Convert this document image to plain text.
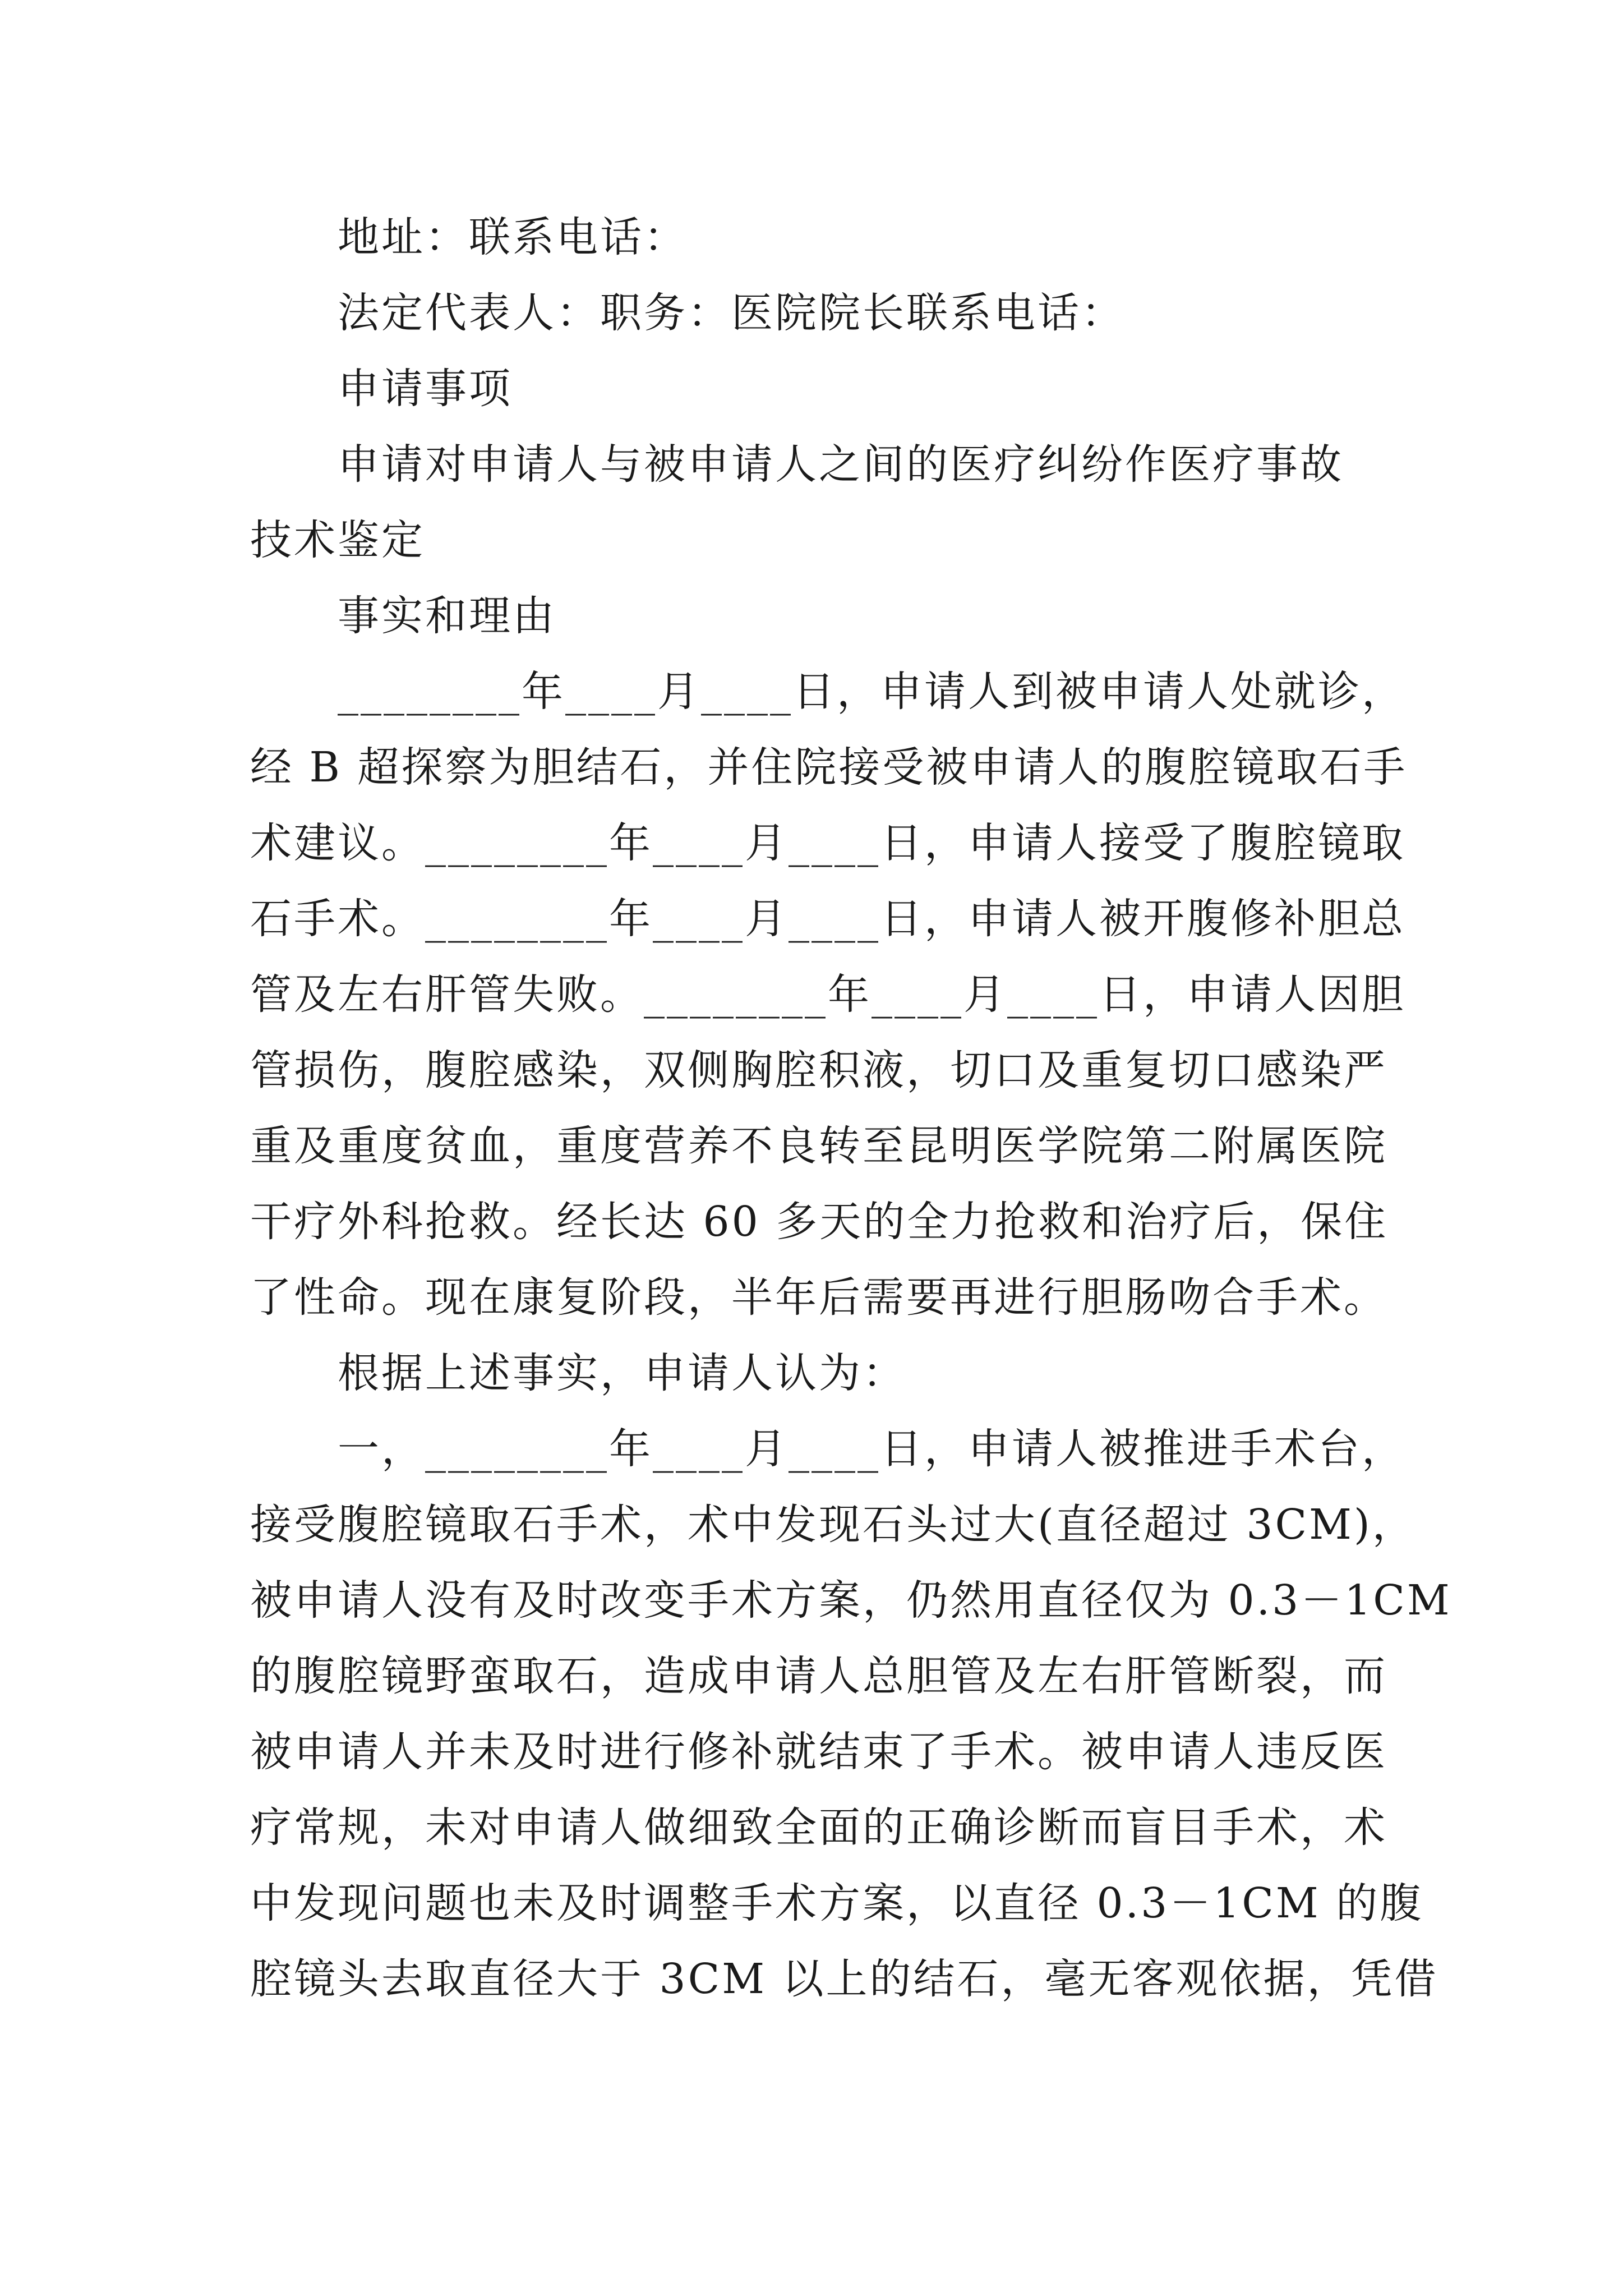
地址：联系电话：
法定代表人：职务：医院院长联系电话：
申请事项
申请对申请人与被申请人之间的医疗纠纷作医疗事故
技术鉴定
事实和理由
________年____月____日，申请人到被申请人处就诊，
经 B 超探察为胆结石，并住院接受被申请人的腹腔镜取石手
术建议。________年____月____日，申请人接受了腹腔镜取
石手术。________年____月____日，申请人被开腹修补胆总
管及左右肝管失败。________年____月____日，申请人因胆
管损伤，腹腔感染，双侧胸腔积液，切口及重复切口感染严
重及重度贫血，重度营养不良转至昆明医学院第二附属医院
干疗外科抢救。经长达 60 多天的全力抢救和治疗后，保住
了性命。现在康复阶段，半年后需要再进行胆肠吻合手术。
根据上述事实，申请人认为：
一，________年____月____日，申请人被推进手术台，
接受腹腔镜取石手术，术中发现石头过大(直径超过 3CM)，
被申请人没有及时改变手术方案，仍然用直径仅为 0.3－1CM
的腹腔镜野蛮取石，造成申请人总胆管及左右肝管断裂，而
被申请人并未及时进行修补就结束了手术。被申请人违反医
疗常规，未对申请人做细致全面的正确诊断而盲目手术，术
中发现问题也未及时调整手术方案，以直径 0.3－1CM 的腹
腔镜头去取直径大于 3CM 以上的结石，毫无客观依据，凭借
